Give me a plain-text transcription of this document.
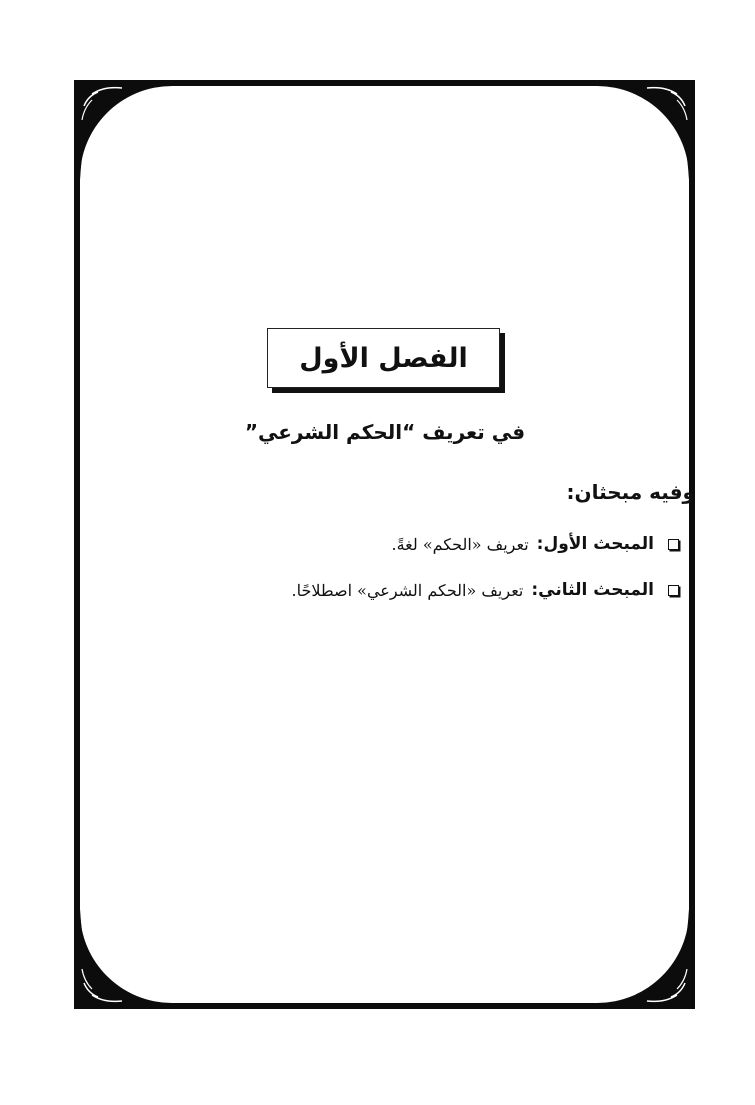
الفصل الأول
في تعريف “الحكم الشرعي”
وفيه مبحثان:
المبحث الأول:
تعريف «الحكم» لغةً.
المبحث الثاني:
تعريف «الحكم الشرعي» اصطلاحًا.
